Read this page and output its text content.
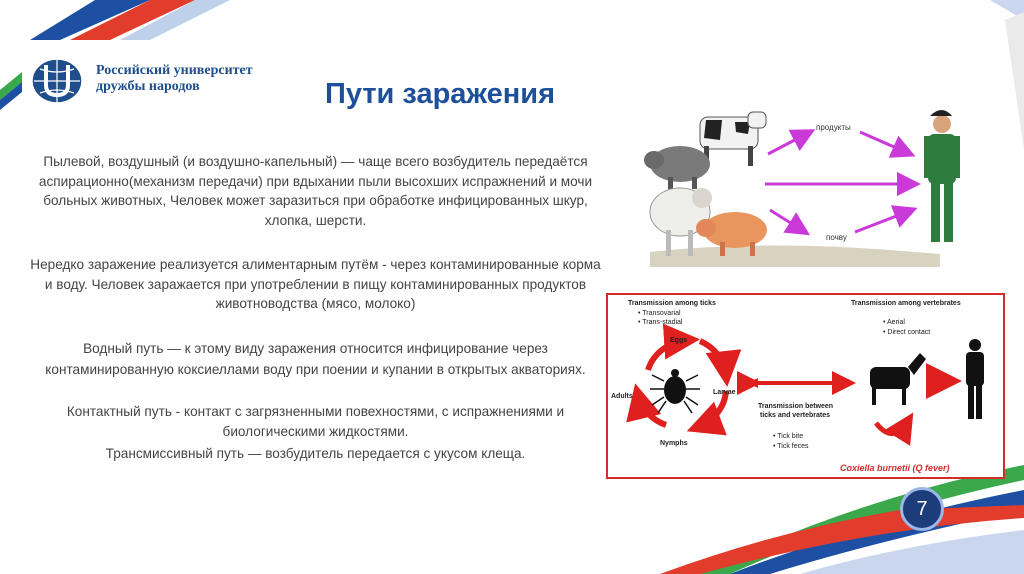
Российский университет
дружбы народов	Пути заражения

Пылевой, воздушный (и воздушно-капельный) — чаще всего возбудитель передаётся аспирационно(механизм передачи) при вдыхании пыли высохших испражнений и мочи больных животных, Человек может заразиться при обработке инфицированных шкур, хлопка, шерсти.

Нередко заражение реализуется алиментарным путём - через контаминированные корма и воду. Человек заражается при употреблении в пищу контаминированных продуктов животноводства (мясо, молоко)

Водный путь — к этому виду заражения относится инфицирование через контаминированную коксиеллами воду при поении и купании в открытых акваториях.

Контактный путь - контакт с загрязненными повехностями, с испражнениями и биологическими жидкостями.

Трансмиссивный путь — возбудитель передается с укусом клеща.

продукты
почву
Transmission among ticks
• Transovarial
• Trans-stadial
Transmission among vertebrates
• Aerial
• Direct contact
Eggs
Larvae
Nymphs
Adults
Transmission between
ticks and vertebrates
• Tick bite
• Tick feces
Coxiella burnetii (Q fever)
7
